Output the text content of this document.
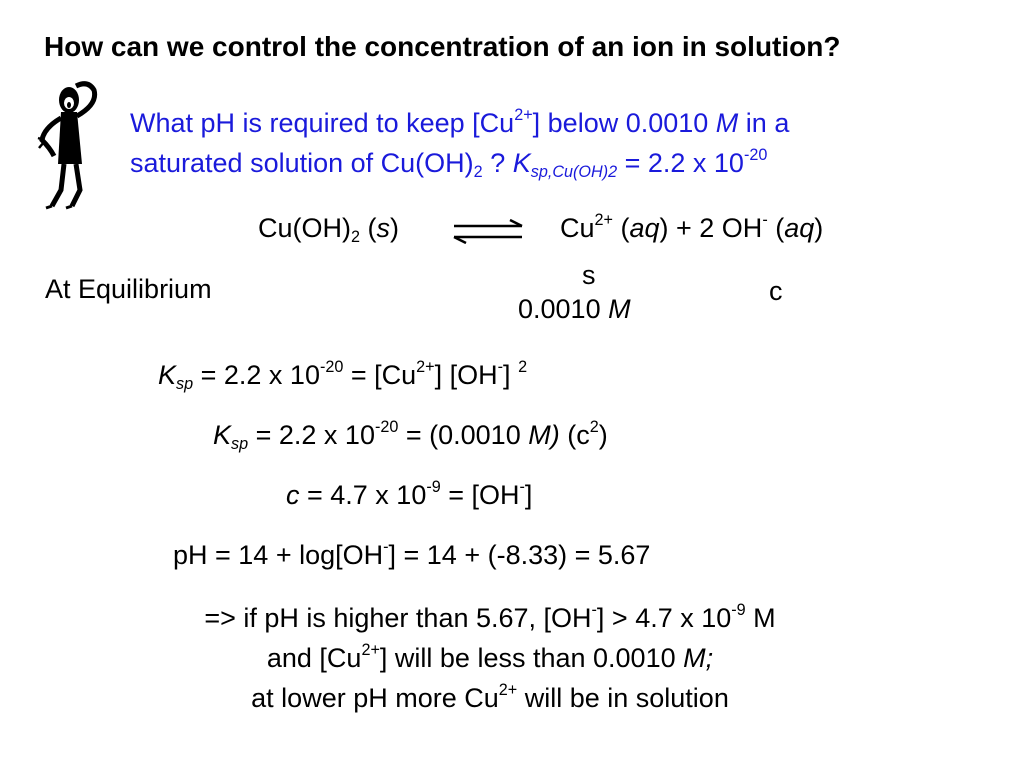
How can we control the concentration of an ion in solution?
What pH is required to keep $[Cu^{2+}]$ below 0.0010 M in a
saturated solution of $Cu(OH)_2$ ? $K_{sp,Cu(OH)2} = 2.2$ x $10^{-20}$
$Cu(OH)_2$ (s)	$Cu^{2+}$ (aq) + 2 OH- (aq)
At Equilibrium	s
c
0.0010 M
$K_{sp} = 2.2$ x $10^{-20} = [Cu^{2+}]$ [OH-] $^2$
$K_{sp} = 2.2$ x $10^{-20} = (0.0010$ M) $(c^2)$
c = 4.7 x $10^{-9} = [OH^-]$
pH = 14 + log[OH-] = 14 + (-8.33) = 5.67
=> if pH is higher than 5.67, [OH-] > 4.7 x $10^{-9}$ M
and $[Cu^{2+}]$ will be less than 0.0010 M;
at lower pH more $Cu^{2+}$ will be in solution
